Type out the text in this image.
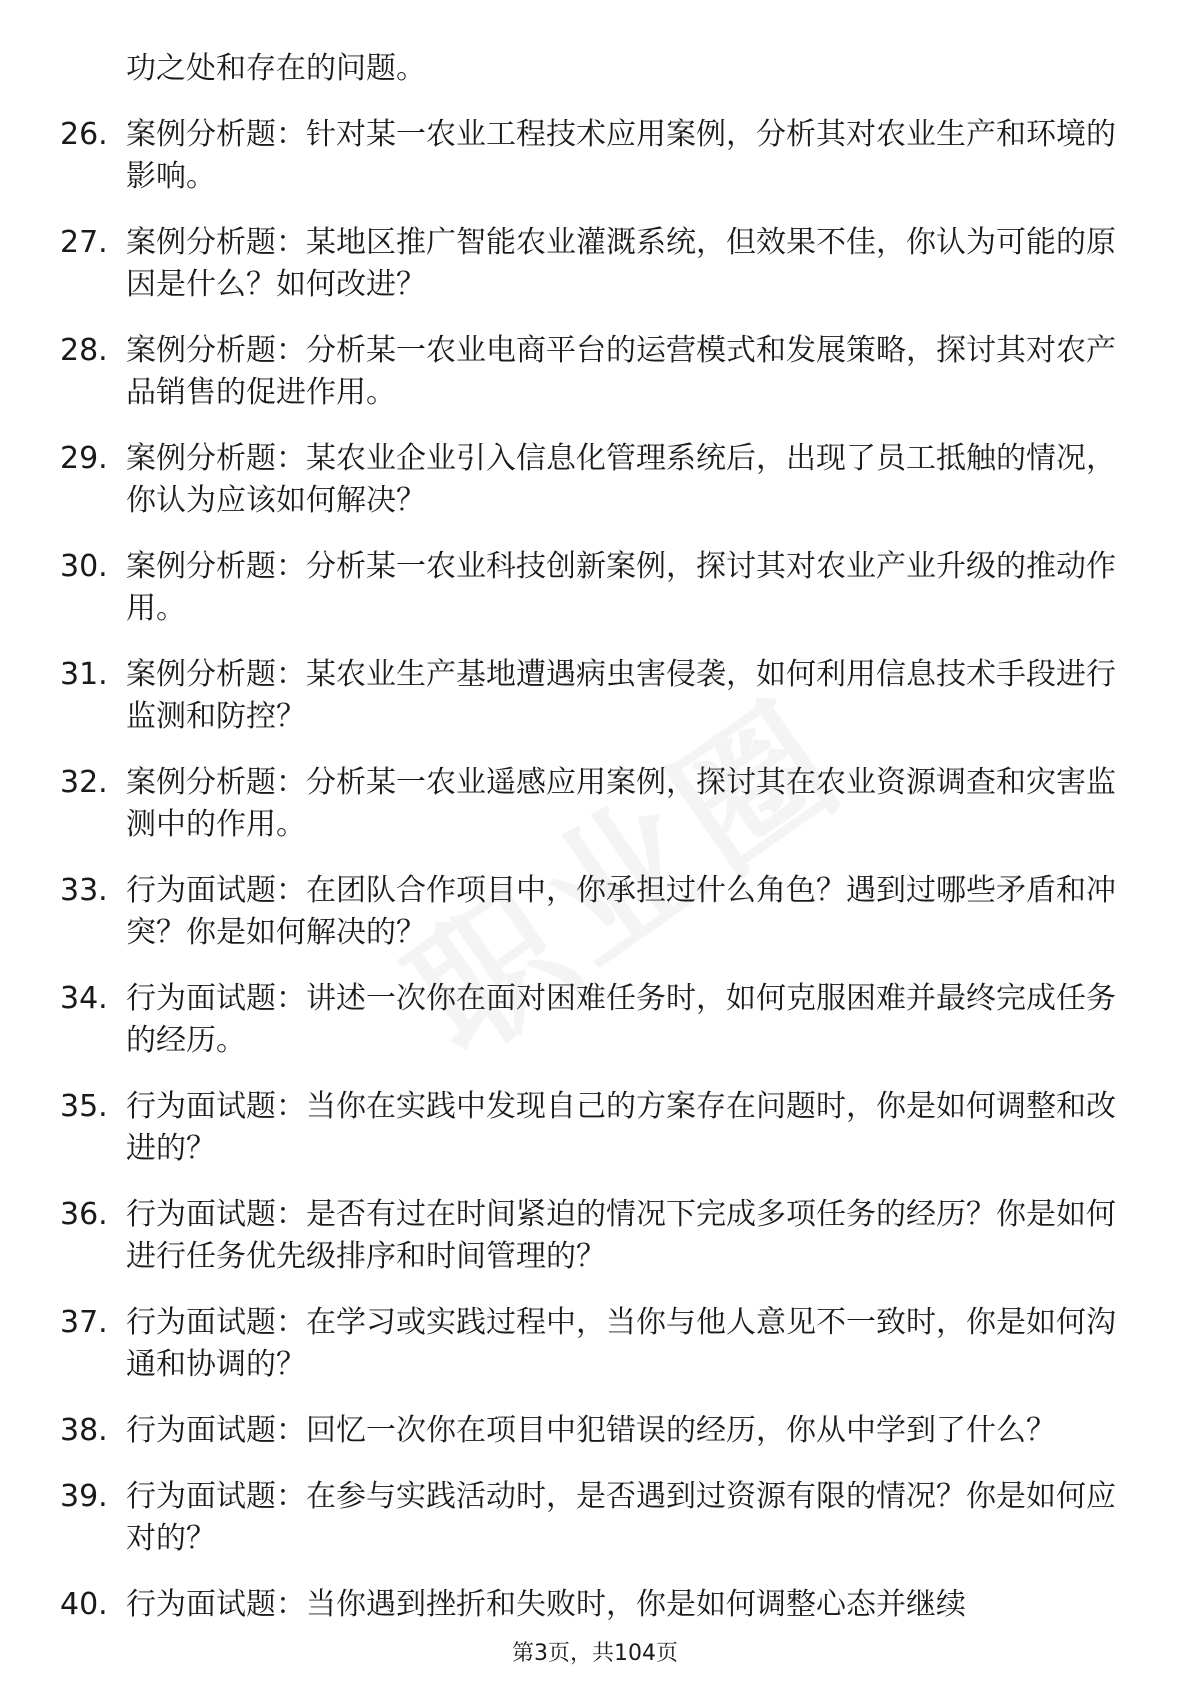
功之处和存在的问题。

26. 案例分析题：针对某一农业工程技术应用案例，分析其对农业生产和环境的影响。
27. 案例分析题：某地区推广智能农业灌溉系统，但效果不佳，你认为可能的原因是什么？如何改进？
28. 案例分析题：分析某一农业电商平台的运营模式和发展策略，探讨其对农产品销售的促进作用。
29. 案例分析题：某农业企业引入信息化管理系统后，出现了员工抵触的情况，你认为应该如何解决？
30. 案例分析题：分析某一农业科技创新案例，探讨其对农业产业升级的推动作用。
31. 案例分析题：某农业生产基地遭遇病虫害侵袭，如何利用信息技术手段进行监测和防控？
32. 案例分析题：分析某一农业遥感应用案例，探讨其在农业资源调查和灾害监测中的作用。
33. 行为面试题：在团队合作项目中，你承担过什么角色？遇到过哪些矛盾和冲突？你是如何解决的？
34. 行为面试题：讲述一次你在面对困难任务时，如何克服困难并最终完成任务的经历。
35. 行为面试题：当你在实践中发现自己的方案存在问题时，你是如何调整和改进的？
36. 行为面试题：是否有过在时间紧迫的情况下完成多项任务的经历？你是如何进行任务优先级排序和时间管理的？
37. 行为面试题：在学习或实践过程中，当你与他人意见不一致时，你是如何沟通和协调的？
38. 行为面试题：回忆一次你在项目中犯错误的经历，你从中学到了什么？
39. 行为面试题：在参与实践活动时，是否遇到过资源有限的情况？你是如何应对的？
40. 行为面试题：当你遇到挫折和失败时，你是如何调整心态并继续
第3页，共104页
